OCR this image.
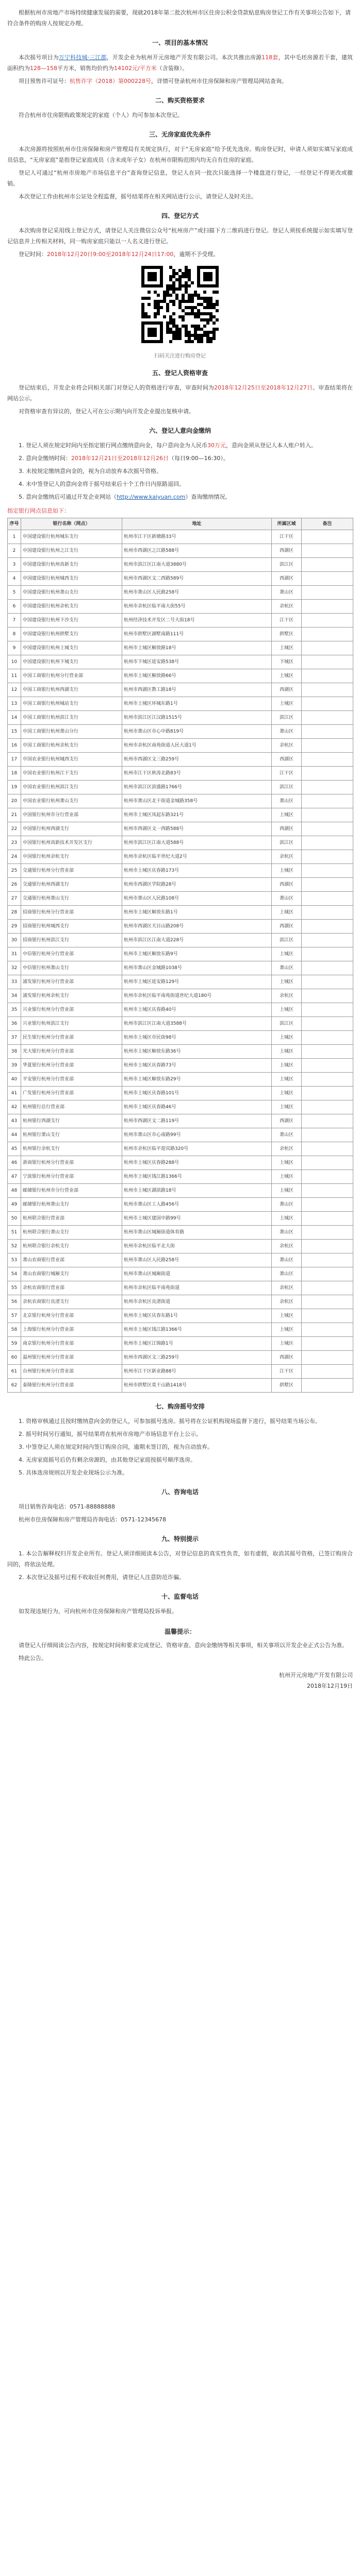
根据杭州市房地产市场持续健康发展的需要，现就2018年第二批次杭州市区住房公积金贷款贴息购房登记工作有关事项公告如下，请符合条件的购房人按规定办理。

一、项目的基本情况

本次摇号项目为万宁科技城·三江郡，开发企业为杭州开元房地产开发有限公司。本次共推出房源118套，其中毛坯房源若干套，建筑面积约为128—158平方米，销售均价约为14102元/平方米（含装修）。

项目预售许可证号：杭售许字（2018）第000228号，详情可登录杭州市住房保障和房产管理局网站查询。

二、购买资格要求

符合杭州市住房限购政策规定的家庭（个人）均可参加本次登记。

三、无房家庭优先条件

本次房源将按照杭州市住房保障和房产管理局有关规定执行，对于“无房家庭”给予优先选房。购房登记时，申请人须如实填写家庭成员信息，“无房家庭”是指登记家庭成员（含未成年子女）在杭州市限购范围内均无自有住房的家庭。

登记人可通过“杭州市房地产市场信息平台”查询登记信息，登记人在同一批次只能选择一个楼盘进行登记，一经登记不得更改或撤销。

本次登记工作由杭州市公证处全程监督，摇号结果将在相关网站进行公示，请登记人及时关注。

四、登记方式

本次购房登记采用线上登记方式，请登记人关注微信公众号“杭州房产”或扫描下方二维码进行登记。登记人须按系统提示如实填写登记信息并上传相关材料，同一购房家庭只能以一人名义进行登记。

登记时间：2018年12月20日9:00至2018年12月24日17:00，逾期不予受理。

扫码关注进行购房登记
五、登记人资格审查

登记结束后，开发企业将会同相关部门对登记人的资格进行审查，审查时间为2018年12月25日至2018年12月27日。审查结果将在网站公示。

对资格审查有异议的，登记人可在公示期内向开发企业提出复核申请。

六、登记人意向金缴纳

1. 登记人须在规定时间内至指定银行网点缴纳意向金，每户意向金为人民币30万元，意向金须从登记人本人账户转入。

2. 意向金缴纳时间：2018年12月21日至2018年12月26日（每日9:00—16:30）。

3. 未按规定缴纳意向金的，视为自动放弃本次摇号资格。

4. 未中签登记人的意向金将于摇号结束后十个工作日内原路退回。

5. 意向金缴纳后可通过开发企业网站（http://www.kaiyuan.com）查询缴纳情况。

指定银行网点信息如下：
序号	银行名称（网点）	地址	所属区域	备注
1	中国建设银行杭州城东支行	杭州市江干区新塘路33号	江干区	
2	中国建设银行杭州之江支行	杭州市西湖区之江路588号	西湖区	
3	中国建设银行杭州高新支行	杭州市滨江区江南大道3880号	滨江区	
4	中国建设银行杭州城西支行	杭州市西湖区文二西路589号	西湖区	
5	中国建设银行杭州萧山支行	杭州市萧山区人民路258号	萧山区	
6	中国建设银行杭州余杭支行	杭州市余杭区临平南大街55号	余杭区	
7	中国建设银行杭州下沙支行	杭州经济技术开发区二号大街18号	江干区	
8	中国建设银行杭州拱墅支行	杭州市拱墅区湖墅南路111号	拱墅区	
9	中国建设银行杭州上城支行	杭州市上城区解放路18号	上城区	
10	中国建设银行杭州下城支行	杭州市下城区延安路538号	下城区	
11	中国工商银行杭州分行营业部	杭州市上城区解放路66号	上城区	
12	中国工商银行杭州西湖支行	杭州市西湖区教工路18号	西湖区	
13	中国工商银行杭州城站支行	杭州市上城区环城东路1号	上城区	
14	中国工商银行杭州滨江支行	杭州市滨江区江汉路1515号	滨江区	
15	中国工商银行杭州萧山分行	杭州市萧山区市心中路819号	萧山区	
16	中国工商银行杭州余杭支行	杭州市余杭区南苑街道人民大道1号	余杭区	
17	中国农业银行杭州城西支行	杭州市西湖区文三路259号	西湖区	
18	中国农业银行杭州江干支行	杭州市江干区秋涛北路83号	江干区	
19	中国农业银行杭州滨江支行	杭州市滨江区滨盛路1766号	滨江区	
20	中国农业银行杭州萧山支行	杭州市萧山区北干街道金城路358号	萧山区	
21	中国银行杭州市分行营业部	杭州市上城区凤起东路321号	上城区	
22	中国银行杭州西湖支行	杭州市西湖区文一西路588号	西湖区	
23	中国银行杭州高新技术开发区支行	杭州市滨江区江南大道588号	滨江区	
24	中国银行杭州余杭支行	杭州市余杭区临平世纪大道2号	余杭区	
25	交通银行杭州分行营业部	杭州市上城区庆春路173号	上城区	
26	交通银行杭州西湖支行	杭州市西湖区学院路28号	西湖区	
27	交通银行杭州萧山支行	杭州市萧山区人民路108号	萧山区	
28	招商银行杭州分行营业部	杭州市上城区解放东路1号	上城区	
29	招商银行杭州城西支行	杭州市西湖区天目山路208号	西湖区	
30	招商银行杭州滨江支行	杭州市滨江区江南大道228号	滨江区	
31	中信银行杭州分行营业部	杭州市上城区解放东路9号	上城区	
32	中信银行杭州萧山支行	杭州市萧山区金城路1038号	萧山区	
33	浦发银行杭州分行营业部	杭州市上城区延安路129号	上城区	
34	浦发银行杭州余杭支行	杭州市余杭区临平南苑街道世纪大道180号	余杭区	
35	兴业银行杭州分行营业部	杭州市上城区庆春路40号	上城区	
36	兴业银行杭州滨江支行	杭州市滨江区江南大道3588号	滨江区	
37	民生银行杭州分行营业部	杭州市上城区市民街98号	上城区	
38	光大银行杭州分行营业部	杭州市上城区解放东路36号	上城区	
39	华夏银行杭州分行营业部	杭州市上城区庆春路73号	上城区	
40	平安银行杭州分行营业部	杭州市上城区解放东路29号	上城区	
41	广发银行杭州分行营业部	杭州市上城区庆春路101号	上城区	
42	杭州银行总行营业部	杭州市上城区庆春路46号	上城区	
43	杭州银行西湖支行	杭州市西湖区文二路119号	西湖区	
44	杭州银行萧山支行	杭州市萧山区市心南路99号	萧山区	
45	杭州银行余杭支行	杭州市余杭区临平迎宾路320号	余杭区	
46	浙商银行杭州分行营业部	杭州市上城区庆春路288号	上城区	
47	宁波银行杭州分行营业部	杭州市上城区钱江路1366号	上城区	
48	邮储银行杭州市分行营业部	杭州市上城区湖滨路18号	上城区	
49	邮储银行杭州萧山支行	杭州市萧山区工人路456号	萧山区	
50	杭州联合银行营业部	杭州市上城区建国中路99号	上城区	
51	杭州联合银行萧山支行	杭州市萧山区城厢街道体育路	萧山区	
52	杭州联合银行余杭支行	杭州市余杭区临平北大街	余杭区	
53	萧山农商银行营业部	杭州市萧山区人民路258号	萧山区	
54	萧山农商银行城厢支行	杭州市萧山区城厢街道	萧山区	
55	余杭农商银行营业部	杭州市余杭区临平南苑街道	余杭区	
56	余杭农商银行良渚支行	杭州市余杭区良渚街道	余杭区	
57	北京银行杭州分行营业部	杭州市上城区庆春东路1号	上城区	
58	上海银行杭州分行营业部	杭州市上城区钱江路1366号	上城区	
59	南京银行杭州分行营业部	杭州市上城区江锦路1号	上城区	
60	温州银行杭州分行营业部	杭州市西湖区文三路259号	西湖区	
61	台州银行杭州分行营业部	杭州市江干区新业路88号	江干区	
62	泰隆银行杭州分行营业部	杭州市拱墅区莫干山路1418号	拱墅区	
七、购房摇号安排

1. 资格审核通过且按时缴纳意向金的登记人，可参加摇号选房。摇号将在公证机构现场监督下进行，摇号结果当场公布。

2. 摇号时间另行通知，摇号结果将在杭州市房地产市场信息平台上公示。

3. 中签登记人须在规定时间内签订购房合同，逾期未签订的，视为自动放弃。

4. 无房家庭摇号后仍有剩余房源的，由其他登记家庭按摇号顺序选房。

5. 具体选房规则以开发企业现场公示为准。

八、咨询电话

项目销售咨询电话：0571-88888888

杭州市住房保障和房产管理局咨询电话：0571-12345678

九、特别提示

1. 本公告解释权归开发企业所有。登记人须详细阅读本公告，对登记信息的真实性负责，如有虚假，取消其摇号资格，已签订购房合同的，将依法处理。

2. 本次登记及摇号过程不收取任何费用，请登记人注意防范诈骗。

十、监督电话

如发现违规行为，可向杭州市住房保障和房产管理局投诉举报。

温馨提示：

请登记人仔细阅读公告内容，按规定时间和要求完成登记、资格审查、意向金缴纳等相关事项，相关事项以开发企业正式公告为准。

特此公告。

杭州开元房地产开发有限公司
2018年12月19日
